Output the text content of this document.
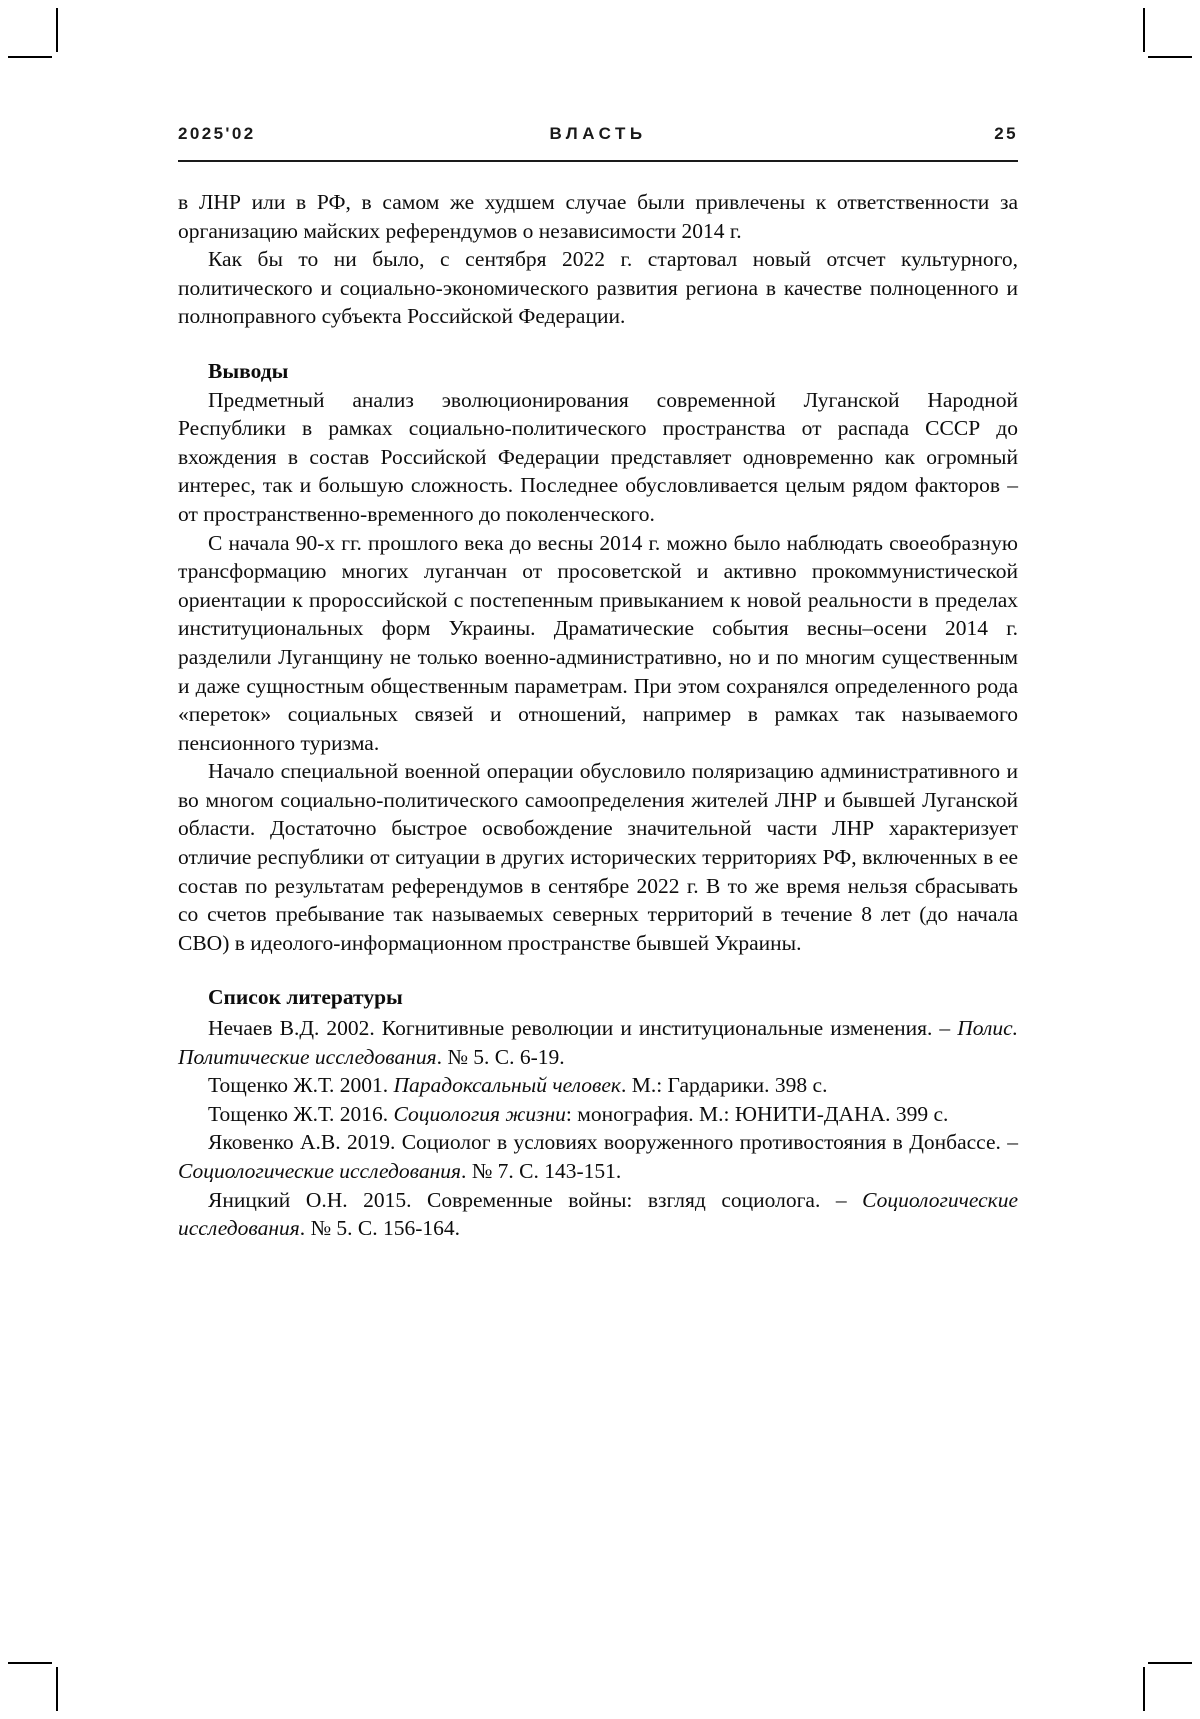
2025'02	ВЛАСТЬ	25

в ЛНР или в РФ, в самом же худшем случае были привлечены к ответственности за организацию майских референдумов о независимости 2014 г.

Как бы то ни было, с сентября 2022 г. стартовал новый отсчет культурного, политического и социально-экономического развития региона в качестве полноценного и полноправного субъекта Российской Федерации.

Выводы

Предметный анализ эволюционирования современной Луганской Народной Республики в рамках социально-политического пространства от распада СССР до вхождения в состав Российской Федерации представляет одновременно как огромный интерес, так и большую сложность. Последнее обусловливается целым рядом факторов – от пространственно-временного до поколенческого.

С начала 90-х гг. прошлого века до весны 2014 г. можно было наблюдать своеобразную трансформацию многих луганчан от просоветской и активно прокоммунистической ориентации к пророссийской с постепенным привыканием к новой реальности в пределах институциональных форм Украины. Драматические события весны–осени 2014 г. разделили Луганщину не только военно-административно, но и по многим существенным и даже сущностным общественным параметрам. При этом сохранялся определенного рода «переток» социальных связей и отношений, например в рамках так называемого пенсионного туризма.

Начало специальной военной операции обусловило поляризацию административного и во многом социально-политического самоопределения жителей ЛНР и бывшей Луганской области. Достаточно быстрое освобождение значительной части ЛНР характеризует отличие республики от ситуации в других исторических территориях РФ, включенных в ее состав по результатам референдумов в сентябре 2022 г. В то же время нельзя сбрасывать со счетов пребывание так называемых северных территорий в течение 8 лет (до начала СВО) в идеолого-информационном пространстве бывшей Украины.

Список литературы

Нечаев В.Д. 2002. Когнитивные революции и институциональные изменения. – Полис. Политические исследования. № 5. С. 6-19.

Тощенко Ж.Т. 2001. Парадоксальный человек. М.: Гардарики. 398 с.

Тощенко Ж.Т. 2016. Социология жизни: монография. М.: ЮНИТИ-ДАНА. 399 с.

Яковенко А.В. 2019. Социолог в условиях вооруженного противостояния в Донбассе. – Социологические исследования. № 7. С. 143-151.

Яницкий О.Н. 2015. Современные войны: взгляд социолога. – Социологические исследования. № 5. С. 156-164.
